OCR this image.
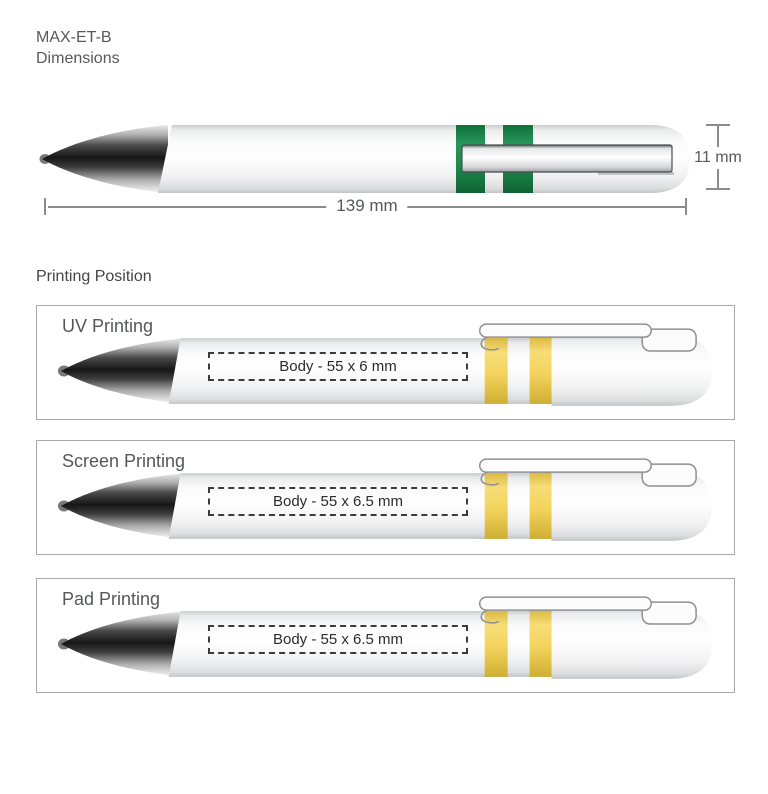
MAX-ET-B
Dimensions
139 mm
11 mm
Printing Position
UV Printing
Body - 55 x 6 mm
Screen Printing
Body - 55 x 6.5 mm
Pad Printing
Body - 55 x 6.5 mm
